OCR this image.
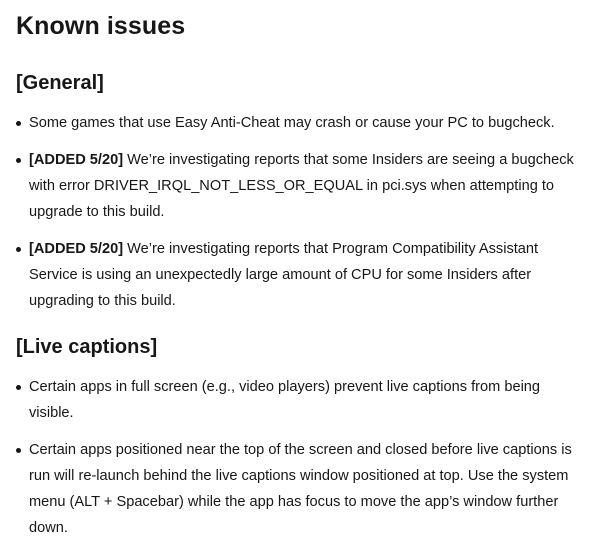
Known issues
[General]
Some games that use Easy Anti-Cheat may crash or cause your PC to bugcheck.
[ADDED 5/20] We’re investigating reports that some Insiders are seeing a bugcheck with error DRIVER_IRQL_NOT_LESS_OR_EQUAL in pci.sys when attempting to upgrade to this build.
[ADDED 5/20] We’re investigating reports that Program Compatibility Assistant Service is using an unexpectedly large amount of CPU for some Insiders after upgrading to this build.
[Live captions]
Certain apps in full screen (e.g., video players) prevent live captions from being visible.
Certain apps positioned near the top of the screen and closed before live captions is run will re-launch behind the live captions window positioned at top. Use the system menu (ALT + Spacebar) while the app has focus to move the app’s window further down.
